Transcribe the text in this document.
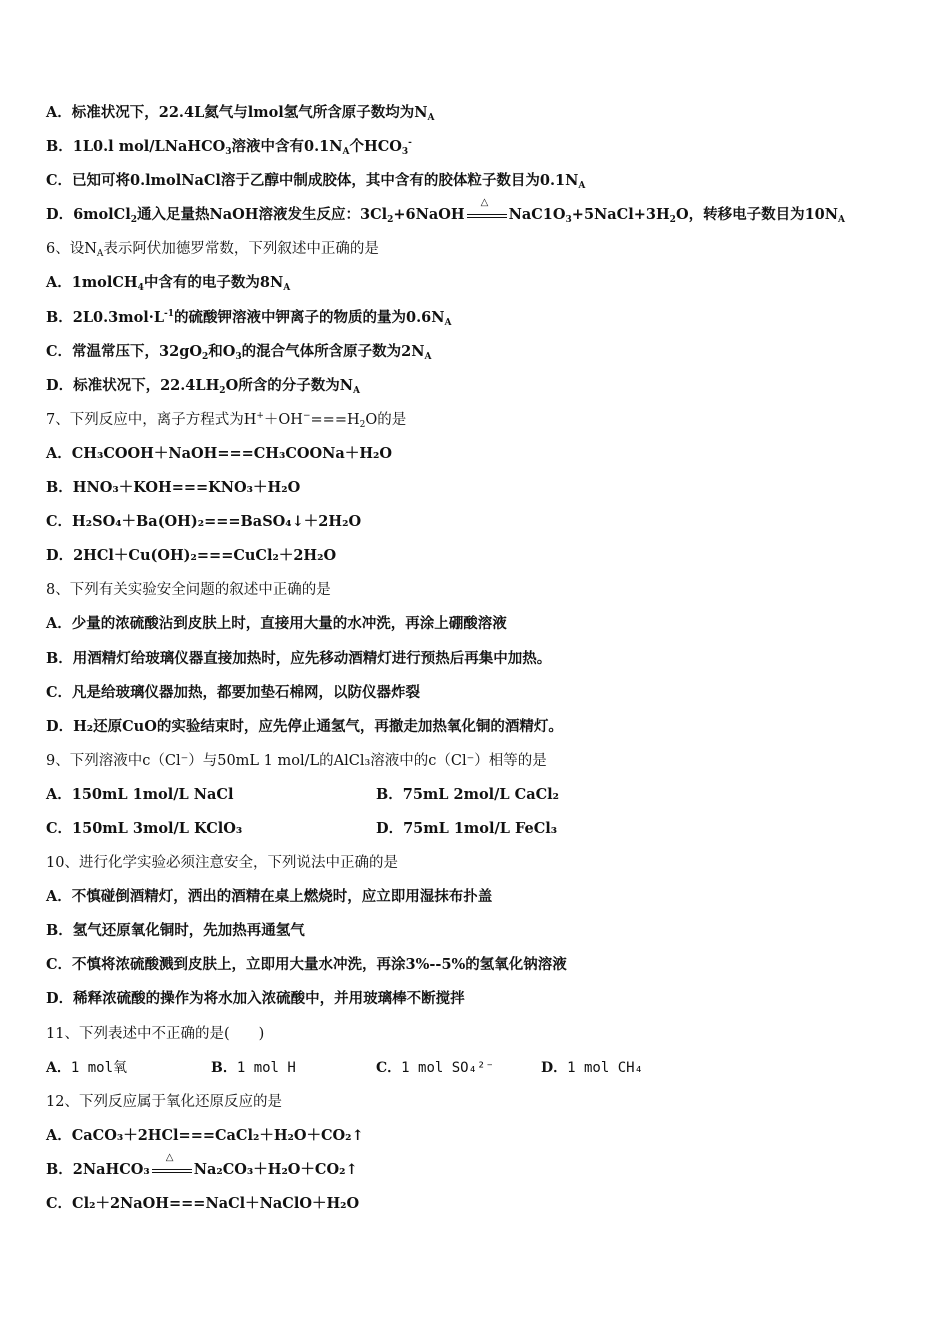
A．标准状况下，22.4L氦气与lmol氢气所含原子数均为$N_A$
B．1L0.l mol/LNaHCO$_3$溶液中含有$0.1N_A$个$HCO_3^-$
C．已知可将0.lmolNaCl溶于乙醇中制成胶体，其中含有的胶体粒子数目为$0.1N_A$
D．6molCl$_2$通入足量热NaOH溶液发生反应：$3Cl_2+6NaOH$
△
$NaC1O_3+5NaCl+3H_2O$，转移电子数目为$10N_A$
6、设$N_A$表示阿伏加德罗常数，下列叙述中正确的是
A．1molCH$_4$中含有的电子数为$8N_A$
B．$2L0.3mol\cdot L^{-1}$的硫酸钾溶液中钾离子的物质的量为$0.6N_A$
C．常温常压下，$32gO_2$和$O_3$的混合气体所含原子数为$2N_A$
D．标准状况下，$22.4LH_2O$所含的分子数为$N_A$
7、下列反应中，离子方程式为$H^++OH^-===H_2O$的是
A．CH₃COOH＋NaOH===CH₃COONa＋H₂O
B．HNO₃＋KOH===KNO₃＋H₂O
C．H₂SO₄＋Ba(OH)₂===BaSO₄↓＋2H₂O
D．2HCl＋Cu(OH)₂===CuCl₂＋2H₂O
8、下列有关实验安全问题的叙述中正确的是
A．少量的浓硫酸沾到皮肤上时，直接用大量的水冲洗，再涂上硼酸溶液
B．用酒精灯给玻璃仪器直接加热时，应先移动酒精灯进行预热后再集中加热。
C．凡是给玻璃仪器加热，都要加垫石棉网，以防仪器炸裂
D．H₂还原CuO的实验结束时，应先停止通氢气，再撤走加热氧化铜的酒精灯。
9、下列溶液中c（Cl⁻）与50mL 1 mol/L的AlCl₃溶液中的c（Cl⁻）相等的是
A．150mL 1mol/L NaCl	B．75mL 2mol/L CaCl₂
C．150mL 3mol/L KClO₃	D．75mL 1mol/L FeCl₃
10、进行化学实验必须注意安全，下列说法中正确的是
A．不慎碰倒酒精灯，洒出的酒精在桌上燃烧时，应立即用湿抹布扑盖
B．氢气还原氧化铜时，先加热再通氢气
C．不慎将浓硫酸溅到皮肤上，立即用大量水冲洗，再涂3%--5%的氢氧化钠溶液
D．稀释浓硫酸的操作为将水加入浓硫酸中，并用玻璃棒不断搅拌
11、下列表述中不正确的是(　　)
A．1 mol氧	B．1 mol H	C．1 mol SO₄²⁻	D．1 mol CH₄
12、下列反应属于氧化还原反应的是
A．CaCO₃＋2HCl===CaCl₂＋H₂O＋CO₂↑
B．2NaHCO₃
△
Na₂CO₃＋H₂O＋CO₂↑
C．Cl₂＋2NaOH===NaCl＋NaClO＋H₂O
